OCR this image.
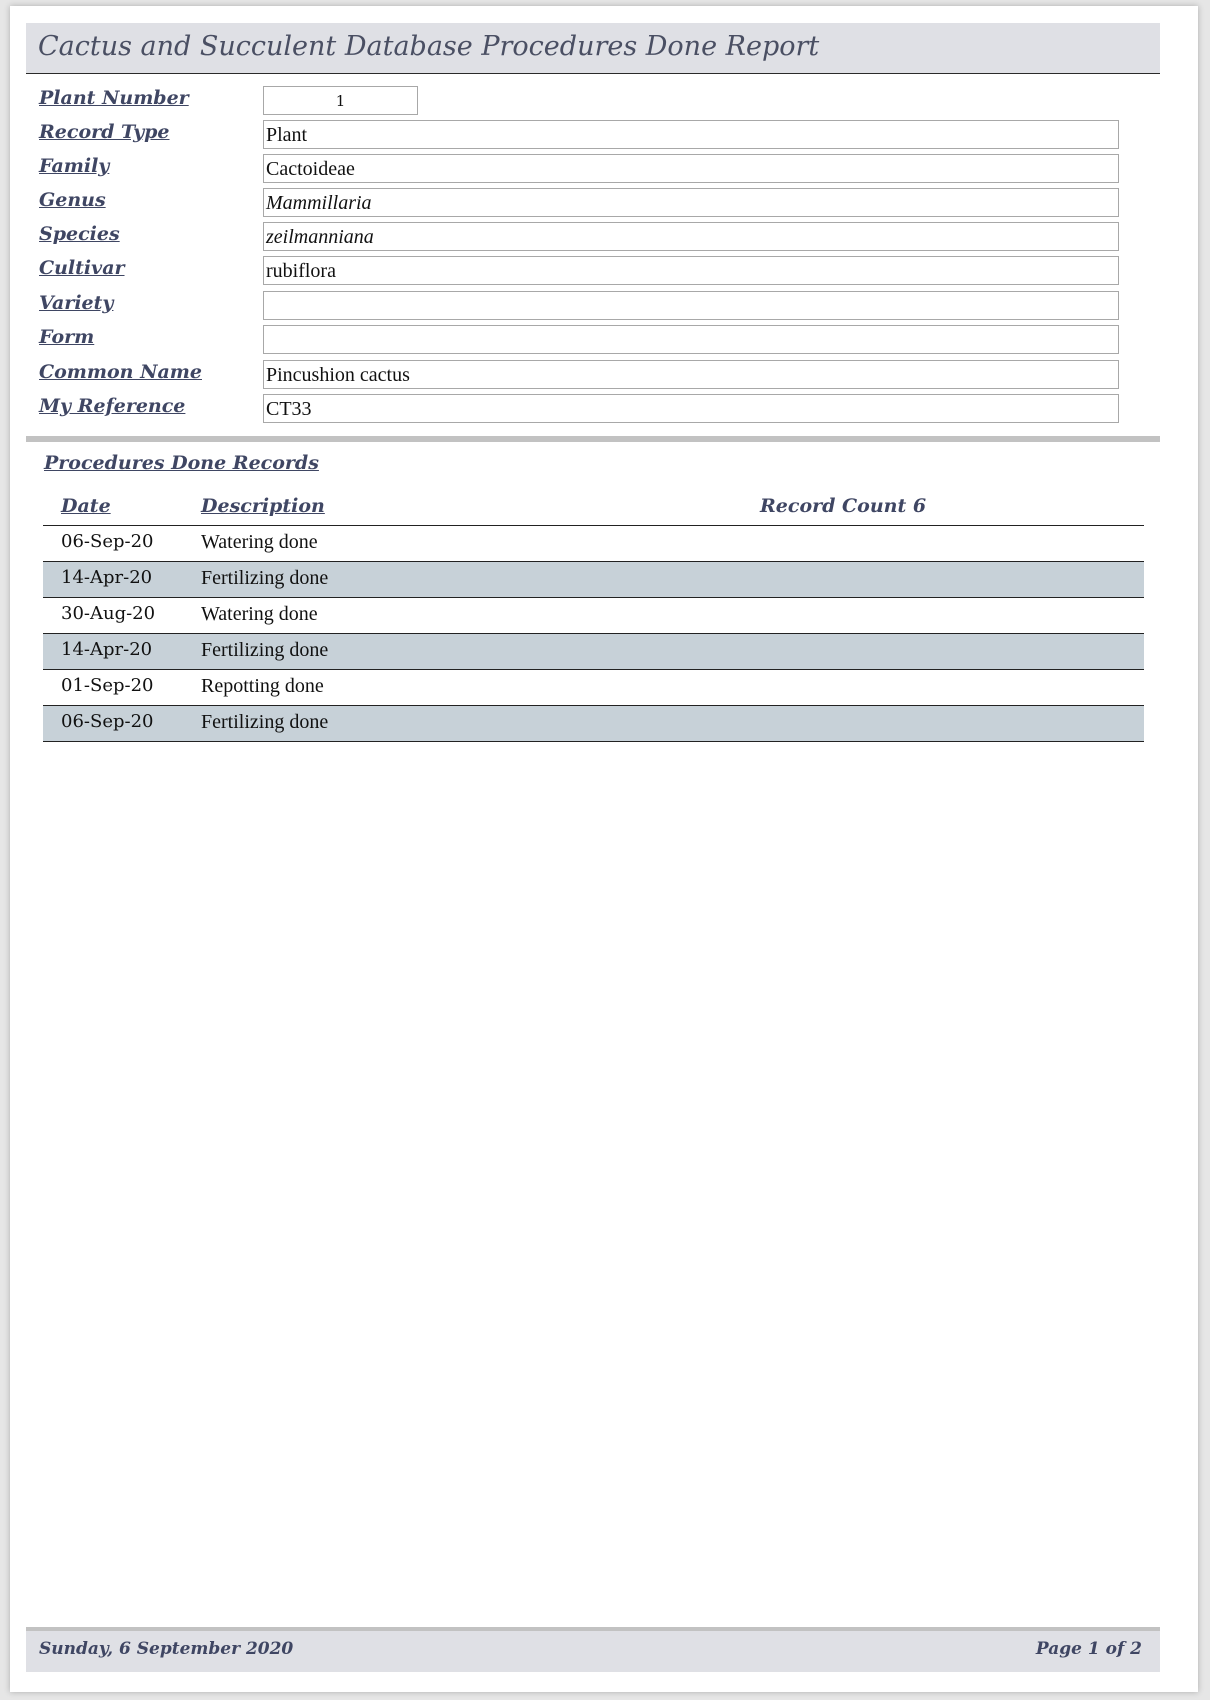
Cactus and Succulent Database Procedures Done Report
Plant Number	1
Record Type	Plant
Family	Cactoideae
Genus	Mammillaria
Species	zeilmanniana
Cultivar	rubiflora
Variety
Form
Common Name	Pincushion cactus
My Reference	CT33
Procedures Done Records
Date	Description	Record Count 6
06-Sep-20 Watering done
14-Apr-20 Fertilizing done
30-Aug-20 Watering done
14-Apr-20 Fertilizing done
01-Sep-20 Repotting done
06-Sep-20 Fertilizing done
Sunday, 6 September 2020	Page 1 of 2
